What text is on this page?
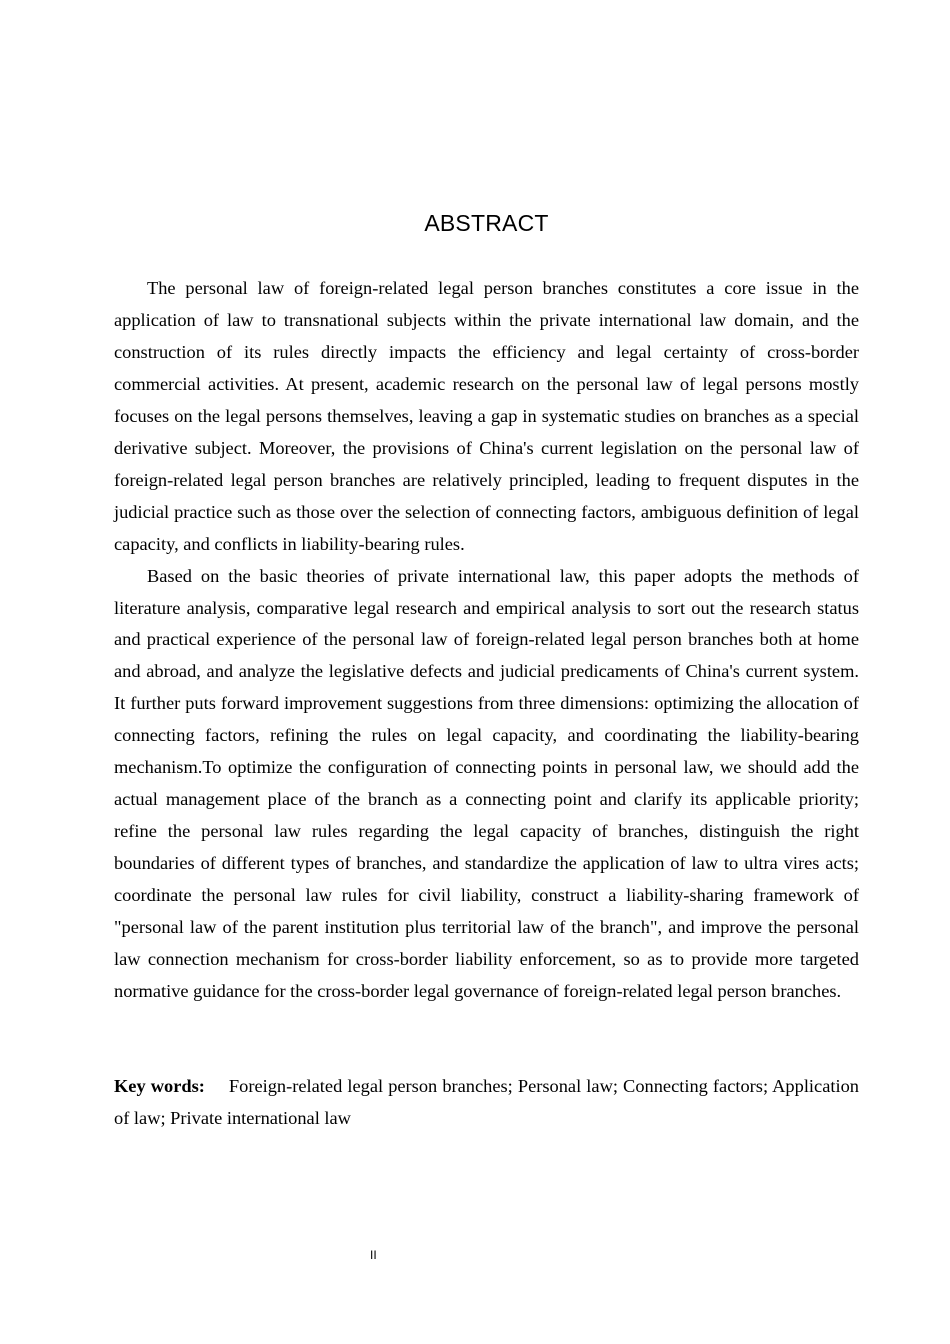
ABSTRACT

The personal law of foreign-related legal person branches constitutes a core issue in the application of law to transnational subjects within the private international law domain, and the construction of its rules directly impacts the efficiency and legal certainty of cross-border commercial activities. At present, academic research on the personal law of legal persons mostly focuses on the legal persons themselves, leaving a gap in systematic studies on branches as a special derivative subject. Moreover, the provisions of China's current legislation on the personal law of foreign-related legal person branches are relatively principled, leading to frequent disputes in the judicial practice such as those over the selection of connecting factors, ambiguous definition of legal capacity, and conflicts in liability-bearing rules.

Based on the basic theories of private international law, this paper adopts the methods of literature analysis, comparative legal research and empirical analysis to sort out the research status and practical experience of the personal law of foreign-related legal person branches both at home and abroad, and analyze the legislative defects and judicial predicaments of China's current system. It further puts forward improvement suggestions from three dimensions: optimizing the allocation of connecting factors, refining the rules on legal capacity, and coordinating the liability-bearing mechanism.To optimize the configuration of connecting points in personal law, we should add the actual management place of the branch as a connecting point and clarify its applicable priority; refine the personal law rules regarding the legal capacity of branches, distinguish the right boundaries of different types of branches, and standardize the application of law to ultra vires acts; coordinate the personal law rules for civil liability, construct a liability-sharing framework of "personal law of the parent institution plus territorial law of the branch", and improve the personal law connection mechanism for cross-border liability enforcement, so as to provide more targeted normative guidance for the cross-border legal governance of foreign-related legal person branches.

Key words: Foreign-related legal person branches; Personal law; Connecting factors; Application of law; Private international law
II
